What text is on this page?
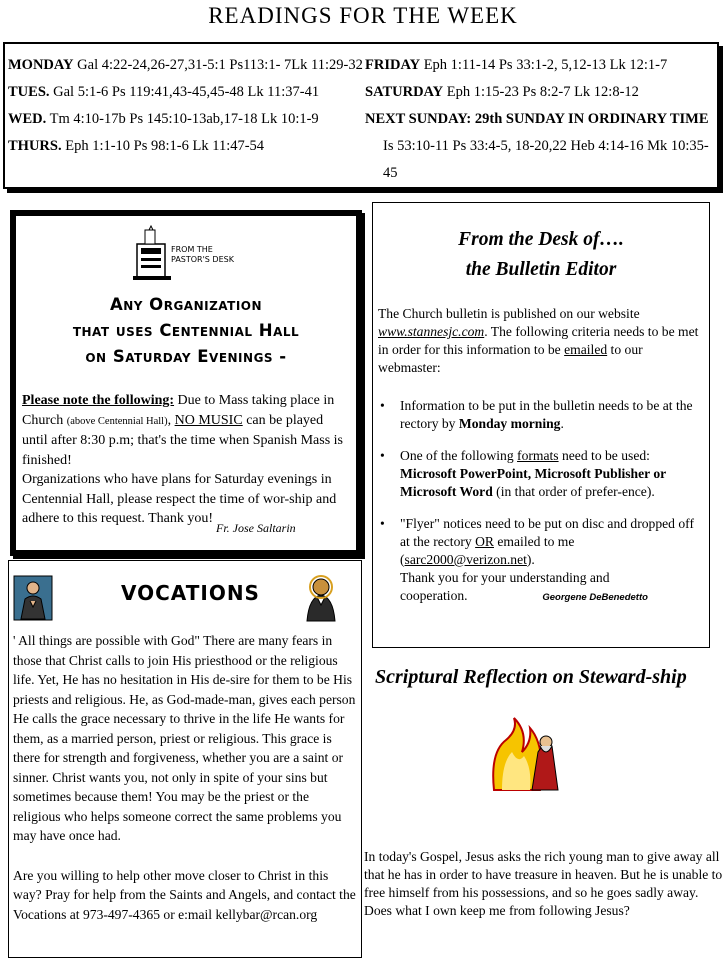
READINGS FOR THE WEEK
MONDAY Gal 4:22-24,26-27,31-5:1 Ps113:1- 7Lk 11:29-32
TUES. Gal 5:1-6 Ps 119:41,43-45,45-48 Lk 11:37-41
WED. Tm 4:10-17b Ps 145:10-13ab,17-18 Lk 10:1-9
THURS. Eph 1:1-10 Ps 98:1-6 Lk 11:47-54
FRIDAY Eph 1:11-14 Ps 33:1-2, 5,12-13 Lk 12:1-7
SATURDAY Eph 1:15-23 Ps 8:2-7 Lk 12:8-12
NEXT SUNDAY: 29th SUNDAY IN ORDINARY TIME Is 53:10-11 Ps 33:4-5, 18-20,22 Heb 4:14-16 Mk 10:35-45
FROM THE
PASTOR'S DESK
Any Organization
that uses Centennial Hall
on Saturday Evenings -
Please note the following: Due to Mass taking place in Church (above Centennial Hall), NO MUSIC can be played until after 8:30 p.m; that's the time when Spanish Mass is finished!
Organizations who have plans for Saturday evenings in Centennial Hall, please respect the time of wor-ship and adhere to this request. Thank you!
Fr. Jose Saltarin
VOCATIONS
' All things are possible with God" There are many fears in those that Christ calls to join His priesthood or the religious life. Yet, He has no hesitation in His de-sire for them to be His priests and religious. He, as God-made-man, gives each person He calls the grace necessary to thrive in the life He wants for them, as a married person, priest or religious. This grace is there for strength and forgiveness, whether you are a saint or sinner. Christ wants you, not only in spite of your sins but sometimes because them! You may be the priest or the religious who helps someone correct the same problems you may have once had.
Are you willing to help other move closer to Christ in this way? Pray for help from the Saints and Angels, and contact the Vocations at 973-497-4365 or e:mail kellybar@rcan.org
From the Desk of….
the Bulletin Editor
The Church bulletin is published on our website www.stannesjc.com. The following criteria needs to be met in order for this information to be emailed to our webmaster:
• Information to be put in the bulletin needs to be at the rectory by Monday morning.
• One of the following formats need to be used: Microsoft PowerPoint, Microsoft Publisher or Microsoft Word (in that order of prefer-ence).
• "Flyer" notices need to be put on disc and dropped off at the rectory OR emailed to me (sarc2000@verizon.net).
Thank you for your understanding and cooperation.	Georgene DeBenedetto
Scriptural Reflection on Steward-ship
In today's Gospel, Jesus asks the rich young man to give away all that he has in order to have treasure in heaven. But he is unable to free himself from his possessions, and so he goes sadly away. Does what I own keep me from following Jesus?
